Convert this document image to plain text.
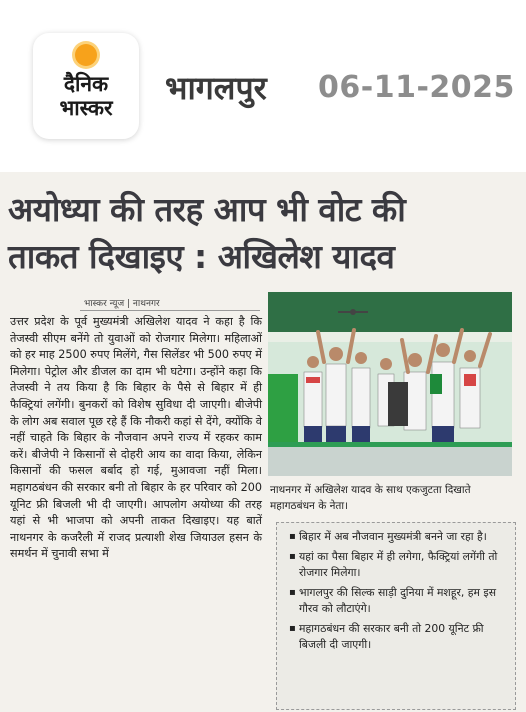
दैनिक
भास्कर
भागलपुर 06-11-2025
अयोध्या की तरह आप भी वोट की
ताकत दिखाइए : अखिलेश यादव
भास्कर न्यूज | नाथनगर

उत्तर प्रदेश के पूर्व मुख्यमंत्री अखिलेश यादव ने कहा है कि तेजस्वी सीएम बनेंगे तो युवाओं को रोजगार मिलेगा। महिलाओं को हर माह 2500 रुपए मिलेंगे, गैस सिलेंडर भी 500 रुपए में मिलेगा। पेट्रोल और डीजल का दाम भी घटेगा। उन्होंने कहा कि तेजस्वी ने तय किया है कि बिहार के पैसे से बिहार में ही फैक्ट्रियां लगेंगी। बुनकरों को विशेष सुविधा दी जाएगी। बीजेपी के लोग अब सवाल पूछ रहे हैं कि नौकरी कहां से देंगे, क्योंकि वे नहीं चाहते कि बिहार के नौजवान अपने राज्य में रहकर काम करें। बीजेपी ने किसानों से दोहरी आय का वादा किया, लेकिन किसानों की फसल बर्बाद हो गई, मुआवजा नहीं मिला। महागठबंधन की सरकार बनी तो बिहार के हर परिवार को 200 यूनिट फ्री बिजली भी दी जाएगी। आपलोग अयोध्या की तरह यहां से भी भाजपा को अपनी ताकत दिखाइए। यह बातें नाथनगर के कजरैली में राजद प्रत्याशी शेख जियाउल हसन के समर्थन में चुनावी सभा में

नाथनगर में अखिलेश यादव के साथ एकजुटता दिखाते महागठबंधन के नेता।
▪ बिहार में अब नौजवान मुख्यमंत्री बनने जा रहा है।
▪ यहां का पैसा बिहार में ही लगेगा, फैक्ट्रियां लगेंगी तो रोजगार मिलेगा।
▪ भागलपुर की सिल्क साड़ी दुनिया में मशहूर, हम इस गौरव को लौटाएंगे।
▪ महागठबंधन की सरकार बनी तो 200 यूनिट फ्री बिजली दी जाएगी।
